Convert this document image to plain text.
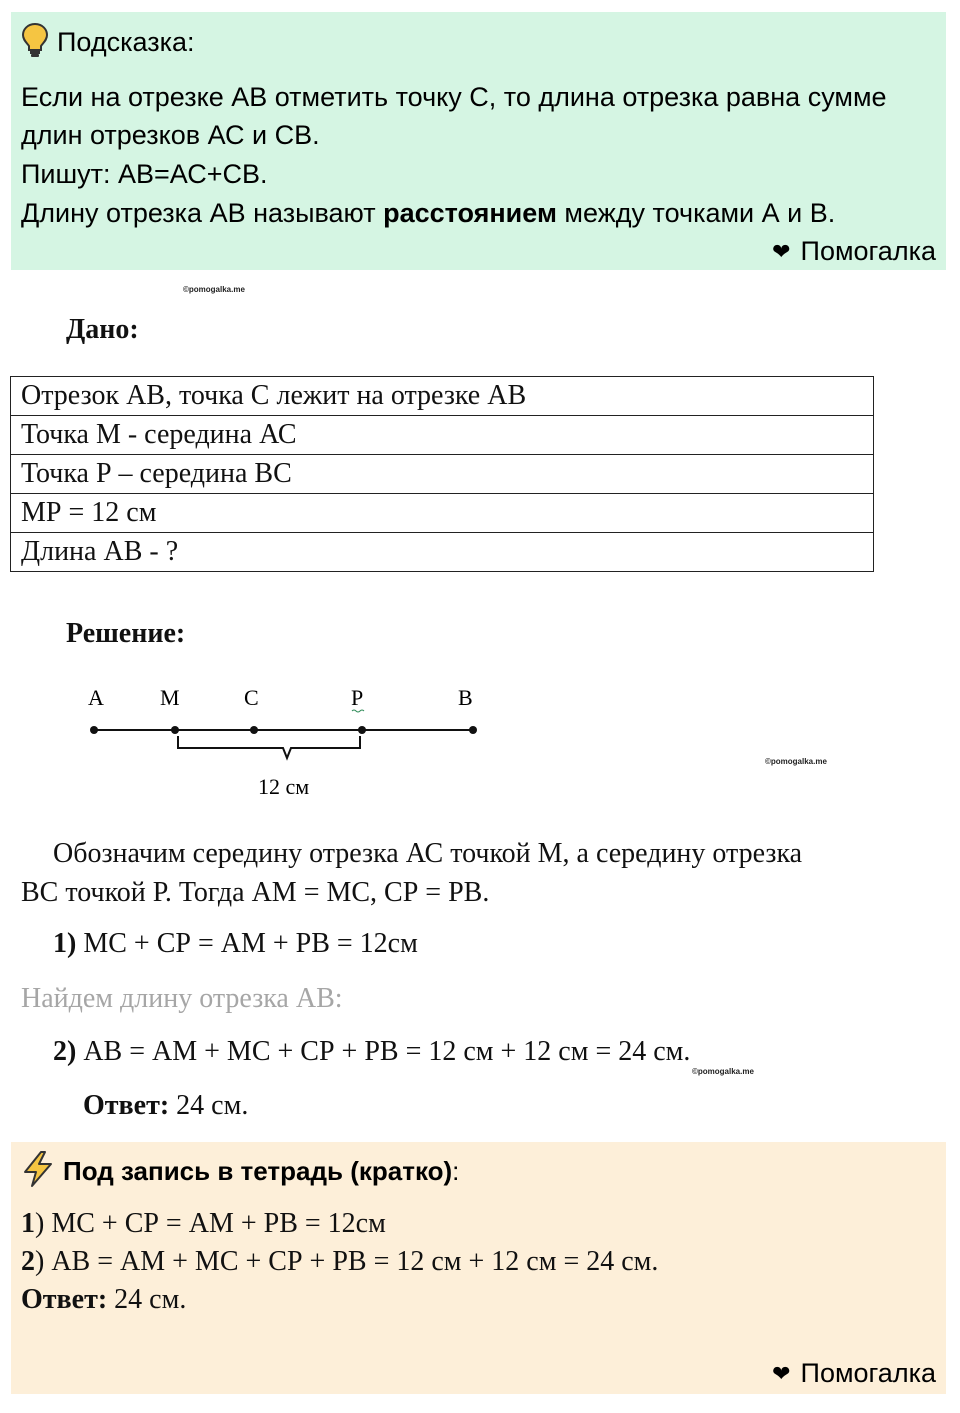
Подсказка:
Если на отрезке АВ отметить точку С, то длина отрезка равна сумме
длин отрезков АС и СВ.
Пишут: АВ=АС+СВ.
Длину отрезка АВ называют расстоянием между точками А и В.
❤ Помогалка
©pomogalka.me
Дано:
Отрезок АВ, точка С лежит на отрезке АВ
Точка М - середина АС
Точка Р – середина ВС
МР = 12 см
Длина АВ - ?
Решение:
A	M	C	P	B
12 см
©pomogalka.me
Обозначим середину отрезка АС точкой М, а середину отрезка
ВС точкой Р. Тогда АМ = МС, СР = РВ.
1) МС + СР = АМ + РВ = 12см
Найдем длину отрезка АВ:
2) АВ = АМ + МС + СР + РВ = 12 см + 12 см = 24 см.
©pomogalka.me
Ответ: 24 см.
Под запись в тетрадь (кратко):
1) МС + СР = АМ + РВ = 12см
2) АВ = АМ + МС + СР + РВ = 12 см + 12 см = 24 см.
Ответ: 24 см.
❤ Помогалка
